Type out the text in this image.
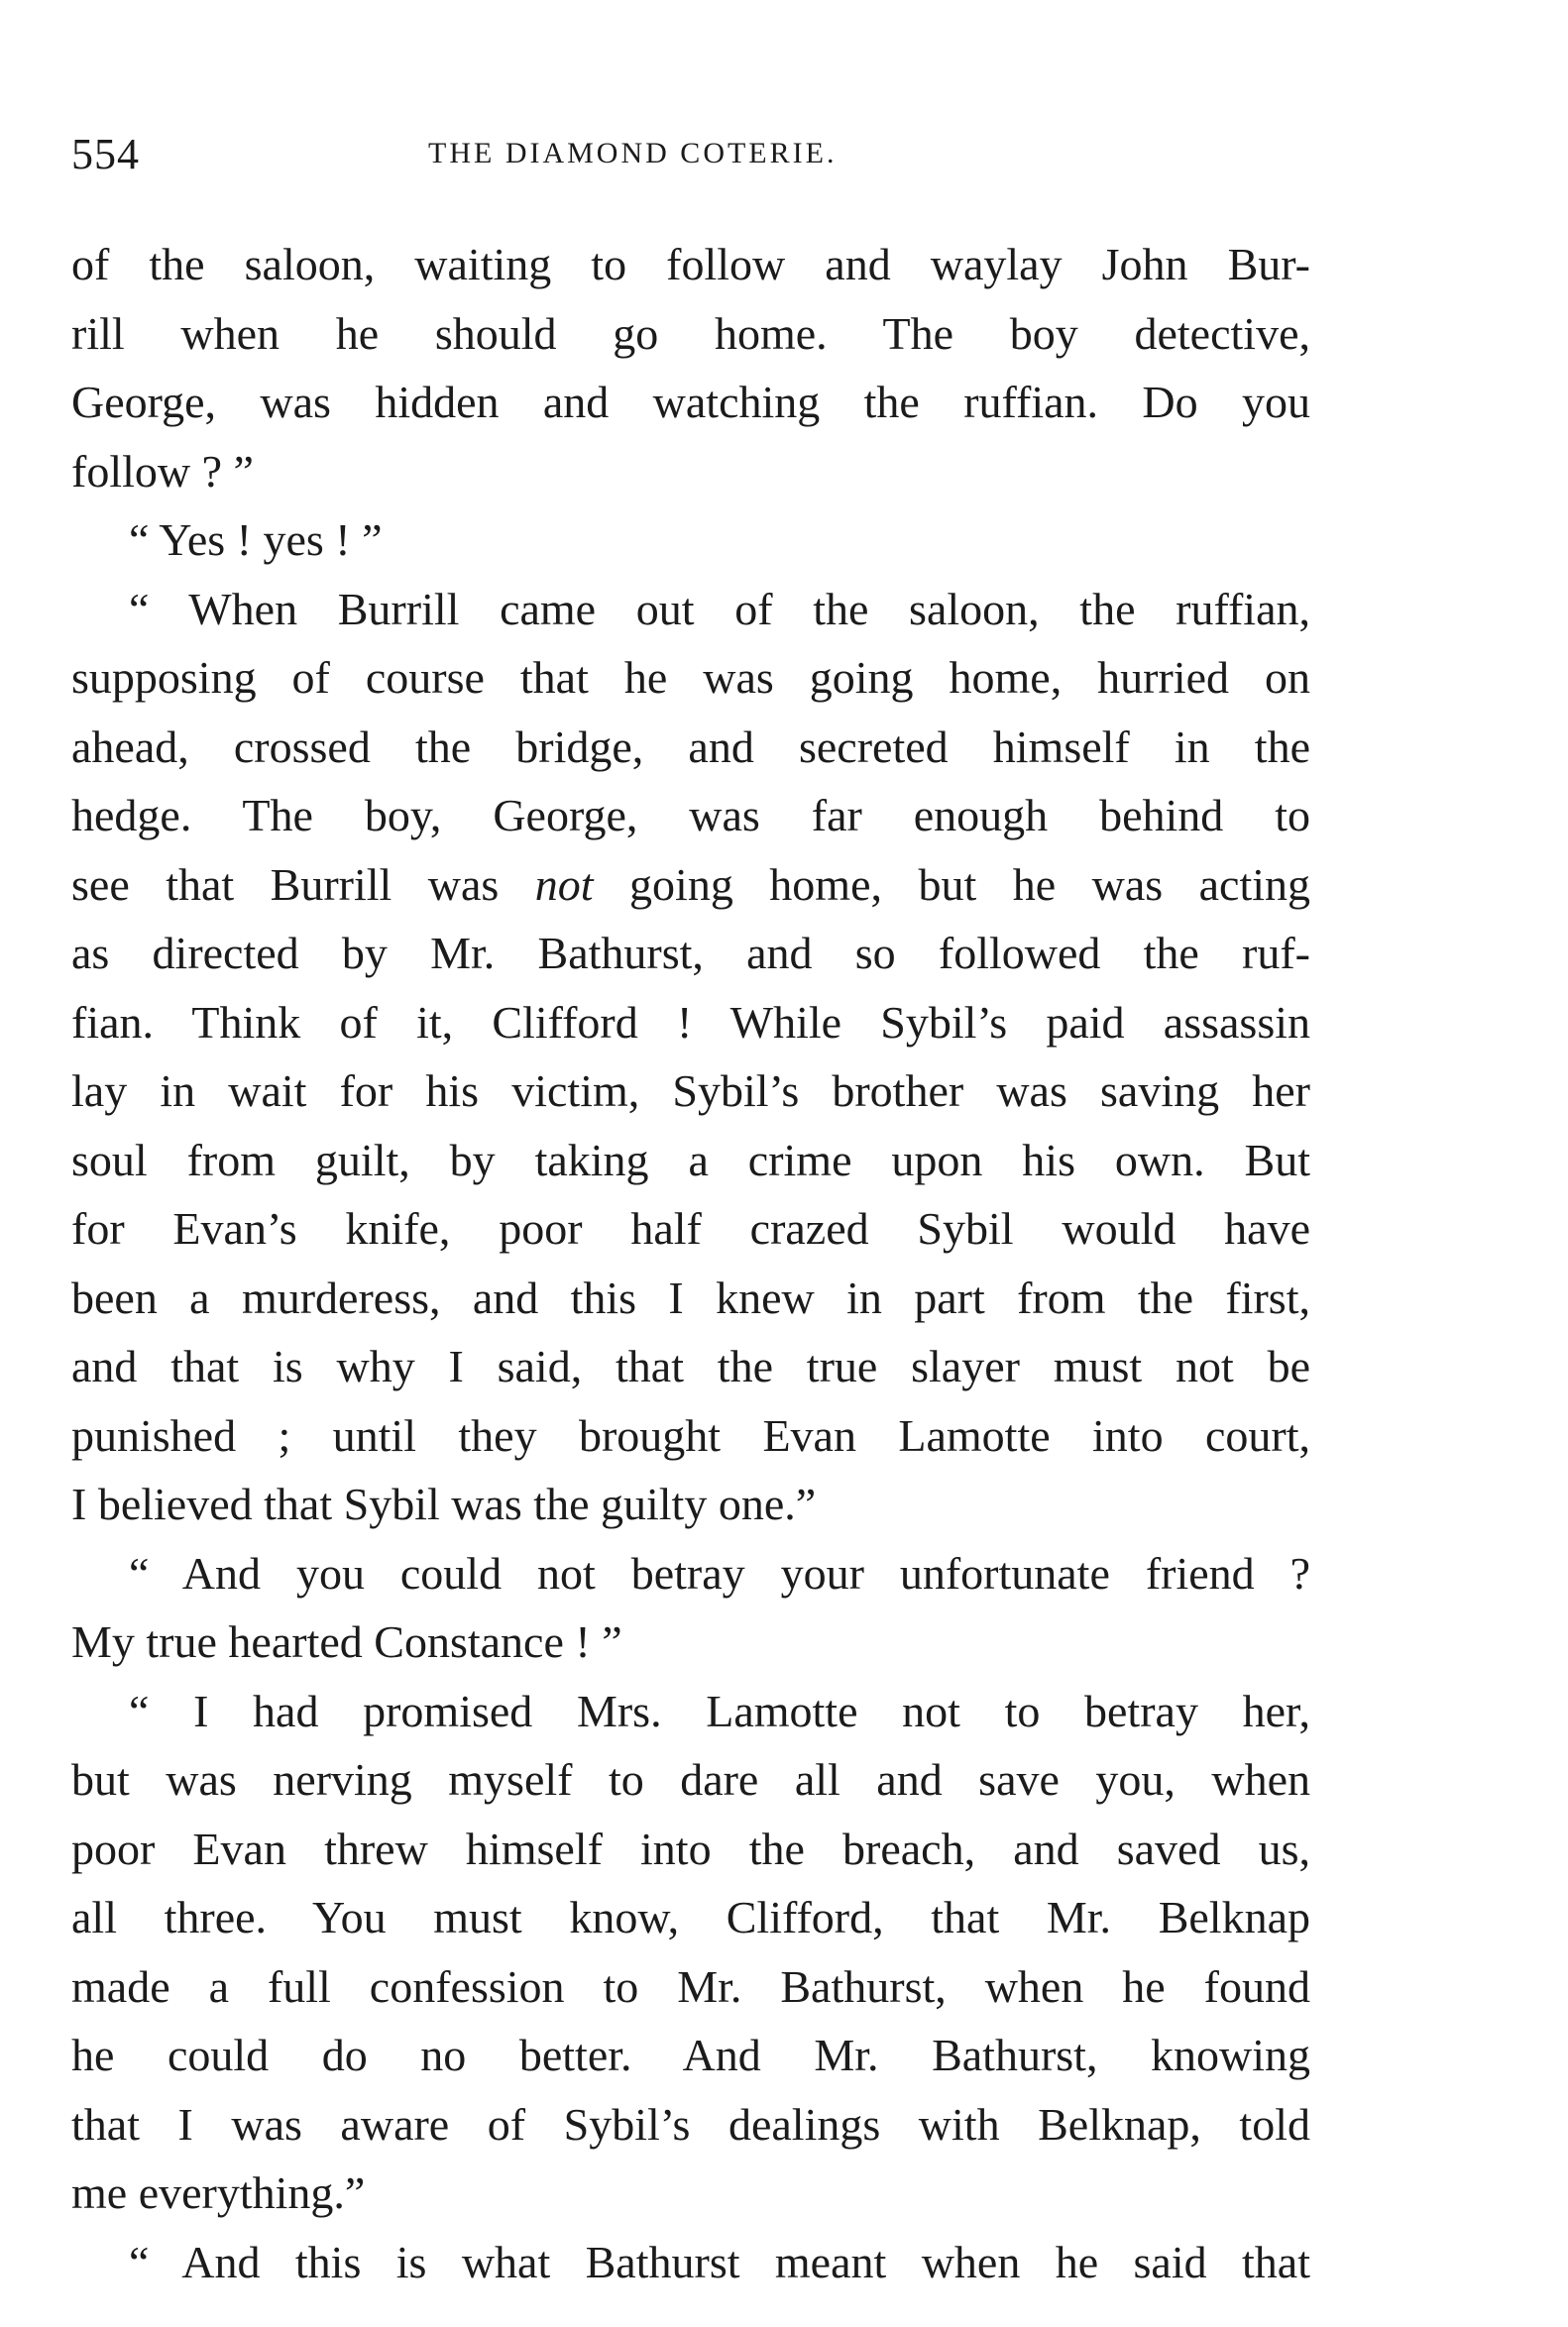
554	THE DIAMOND COTERIE.
of the saloon, waiting to follow and waylay John Bur-
rill when he should go home. The boy detective,
George, was hidden and watching the ruffian. Do you
follow ? ”
“ Yes ! yes ! ”
“ When Burrill came out of the saloon, the ruffian,
supposing of course that he was going home, hurried on
ahead, crossed the bridge, and secreted himself in the
hedge. The boy, George, was far enough behind to
see that Burrill was not going home, but he was acting
as directed by Mr. Bathurst, and so followed the ruf-
fian. Think of it, Clifford ! While Sybil’s paid assassin
lay in wait for his victim, Sybil’s brother was saving her
soul from guilt, by taking a crime upon his own. But
for Evan’s knife, poor half crazed Sybil would have
been a murderess, and this I knew in part from the first,
and that is why I said, that the true slayer must not be
punished ; until they brought Evan Lamotte into court,
I believed that Sybil was the guilty one.”
“ And you could not betray your unfortunate friend ?
My true hearted Constance ! ”
“ I had promised Mrs. Lamotte not to betray her,
but was nerving myself to dare all and save you, when
poor Evan threw himself into the breach, and saved us,
all three. You must know, Clifford, that Mr. Belknap
made a full confession to Mr. Bathurst, when he found
he could do no better. And Mr. Bathurst, knowing
that I was aware of Sybil’s dealings with Belknap, told
me everything.”
“ And this is what Bathurst meant when he said that
